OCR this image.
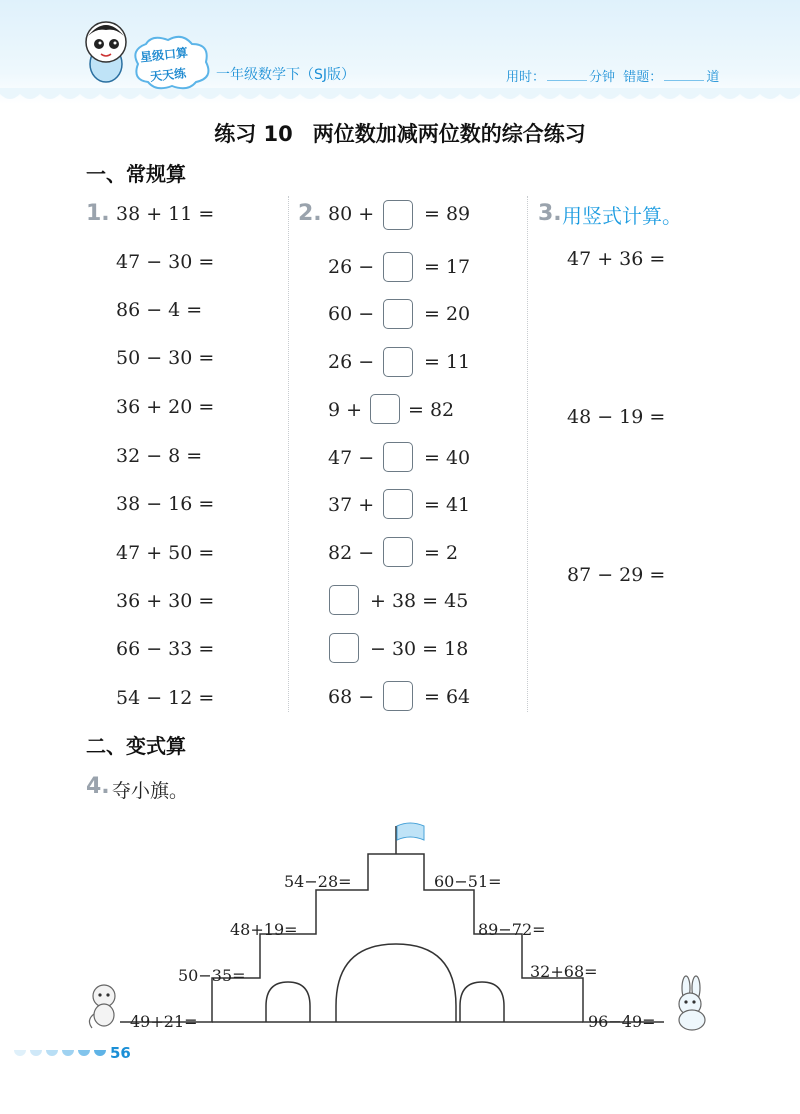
星级口算
天天练 一年级数学下（SJ版）	用时：	分钟 错题：	道
练习 10 两位数加减两位数的综合练习
一、常规算
1. 38 + 11 =
47 − 30 =
86 − 4 =
50 − 30 =
36 + 20 =
32 − 8 =
38 − 16 =
47 + 50 =
36 + 30 =
66 − 33 =
54 − 12 =
2. 80 +	= 89
26 −	= 17
60 −	= 20
26 −	= 11
9 + = 82
47 −	= 40
37 +	= 41
82 −	= 2
+ 38 = 45
− 30 = 18
68 −	= 64
3. 用竖式计算。
47 + 36 =
48 − 19 =
87 − 29 =
二、变式算
4. 夺小旗。
49+21=
50−35=
48+19=
54−28=	60−51=
89−72=
32+68=
96−49=
56
